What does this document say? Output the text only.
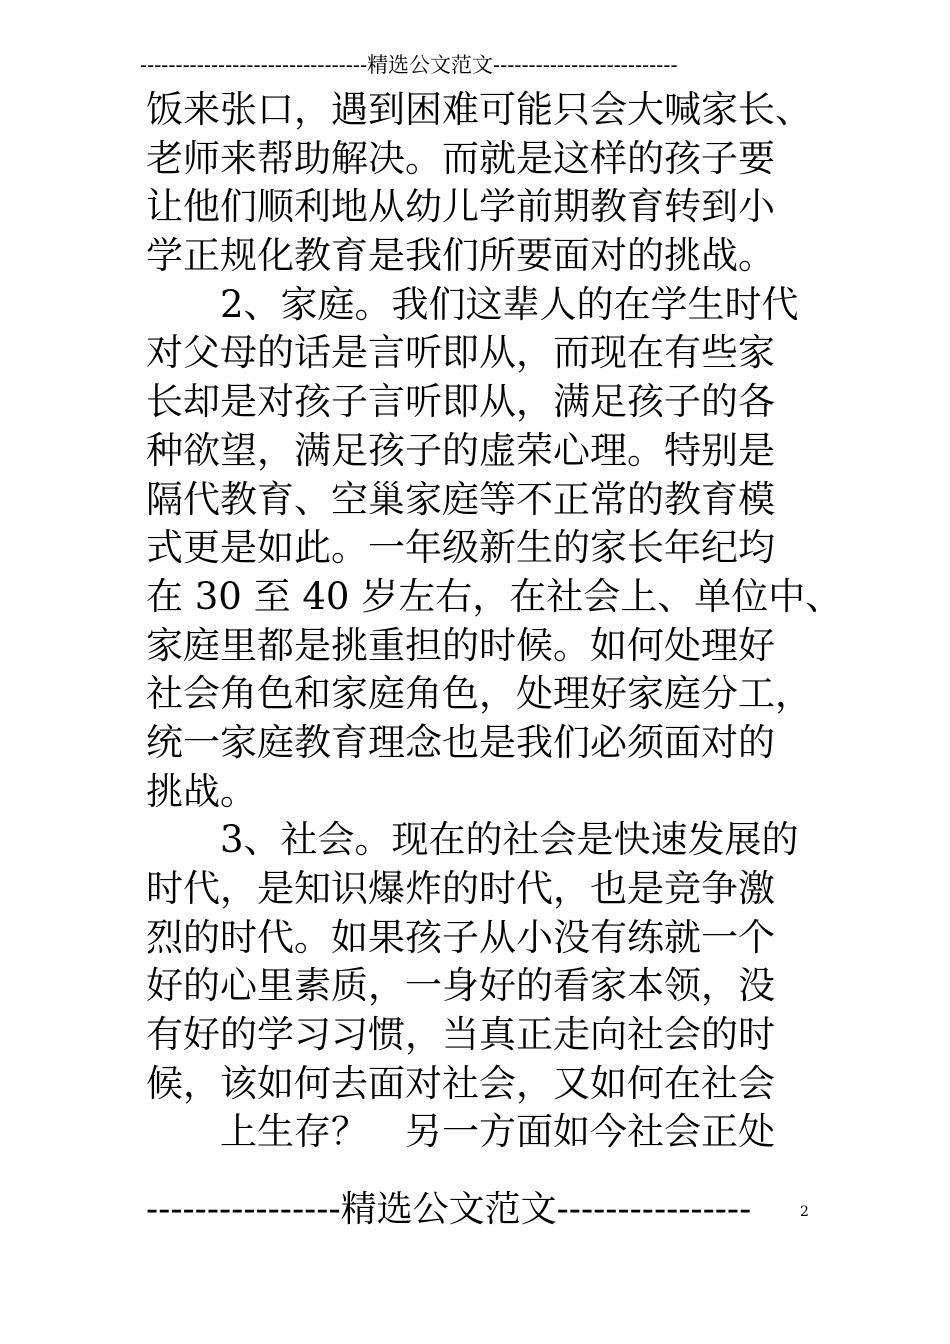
--------------------------------精选公文范文--------------------------
饭来张口，遇到困难可能只会大喊家长、
老师来帮助解决。而就是这样的孩子要
让他们顺利地从幼儿学前期教育转到小
学正规化教育是我们所要面对的挑战。
　　2、家庭。我们这辈人的在学生时代
对父母的话是言听即从，而现在有些家
长却是对孩子言听即从，满足孩子的各
种欲望，满足孩子的虚荣心理。特别是
隔代教育、空巢家庭等不正常的教育模
式更是如此。一年级新生的家长年纪均
在 30 至 40 岁左右，在社会上、单位中、
家庭里都是挑重担的时候。如何处理好
社会角色和家庭角色，处理好家庭分工，
统一家庭教育理念也是我们必须面对的
挑战。
　　3、社会。现在的社会是快速发展的
时代，是知识爆炸的时代，也是竞争激
烈的时代。如果孩子从小没有练就一个
好的心里素质，一身好的看家本领，没
有好的学习习惯，当真正走向社会的时
候，该如何去面对社会，又如何在社会
　　上生存？　另一方面如今社会正处
----------------精选公文范文----------------	2
